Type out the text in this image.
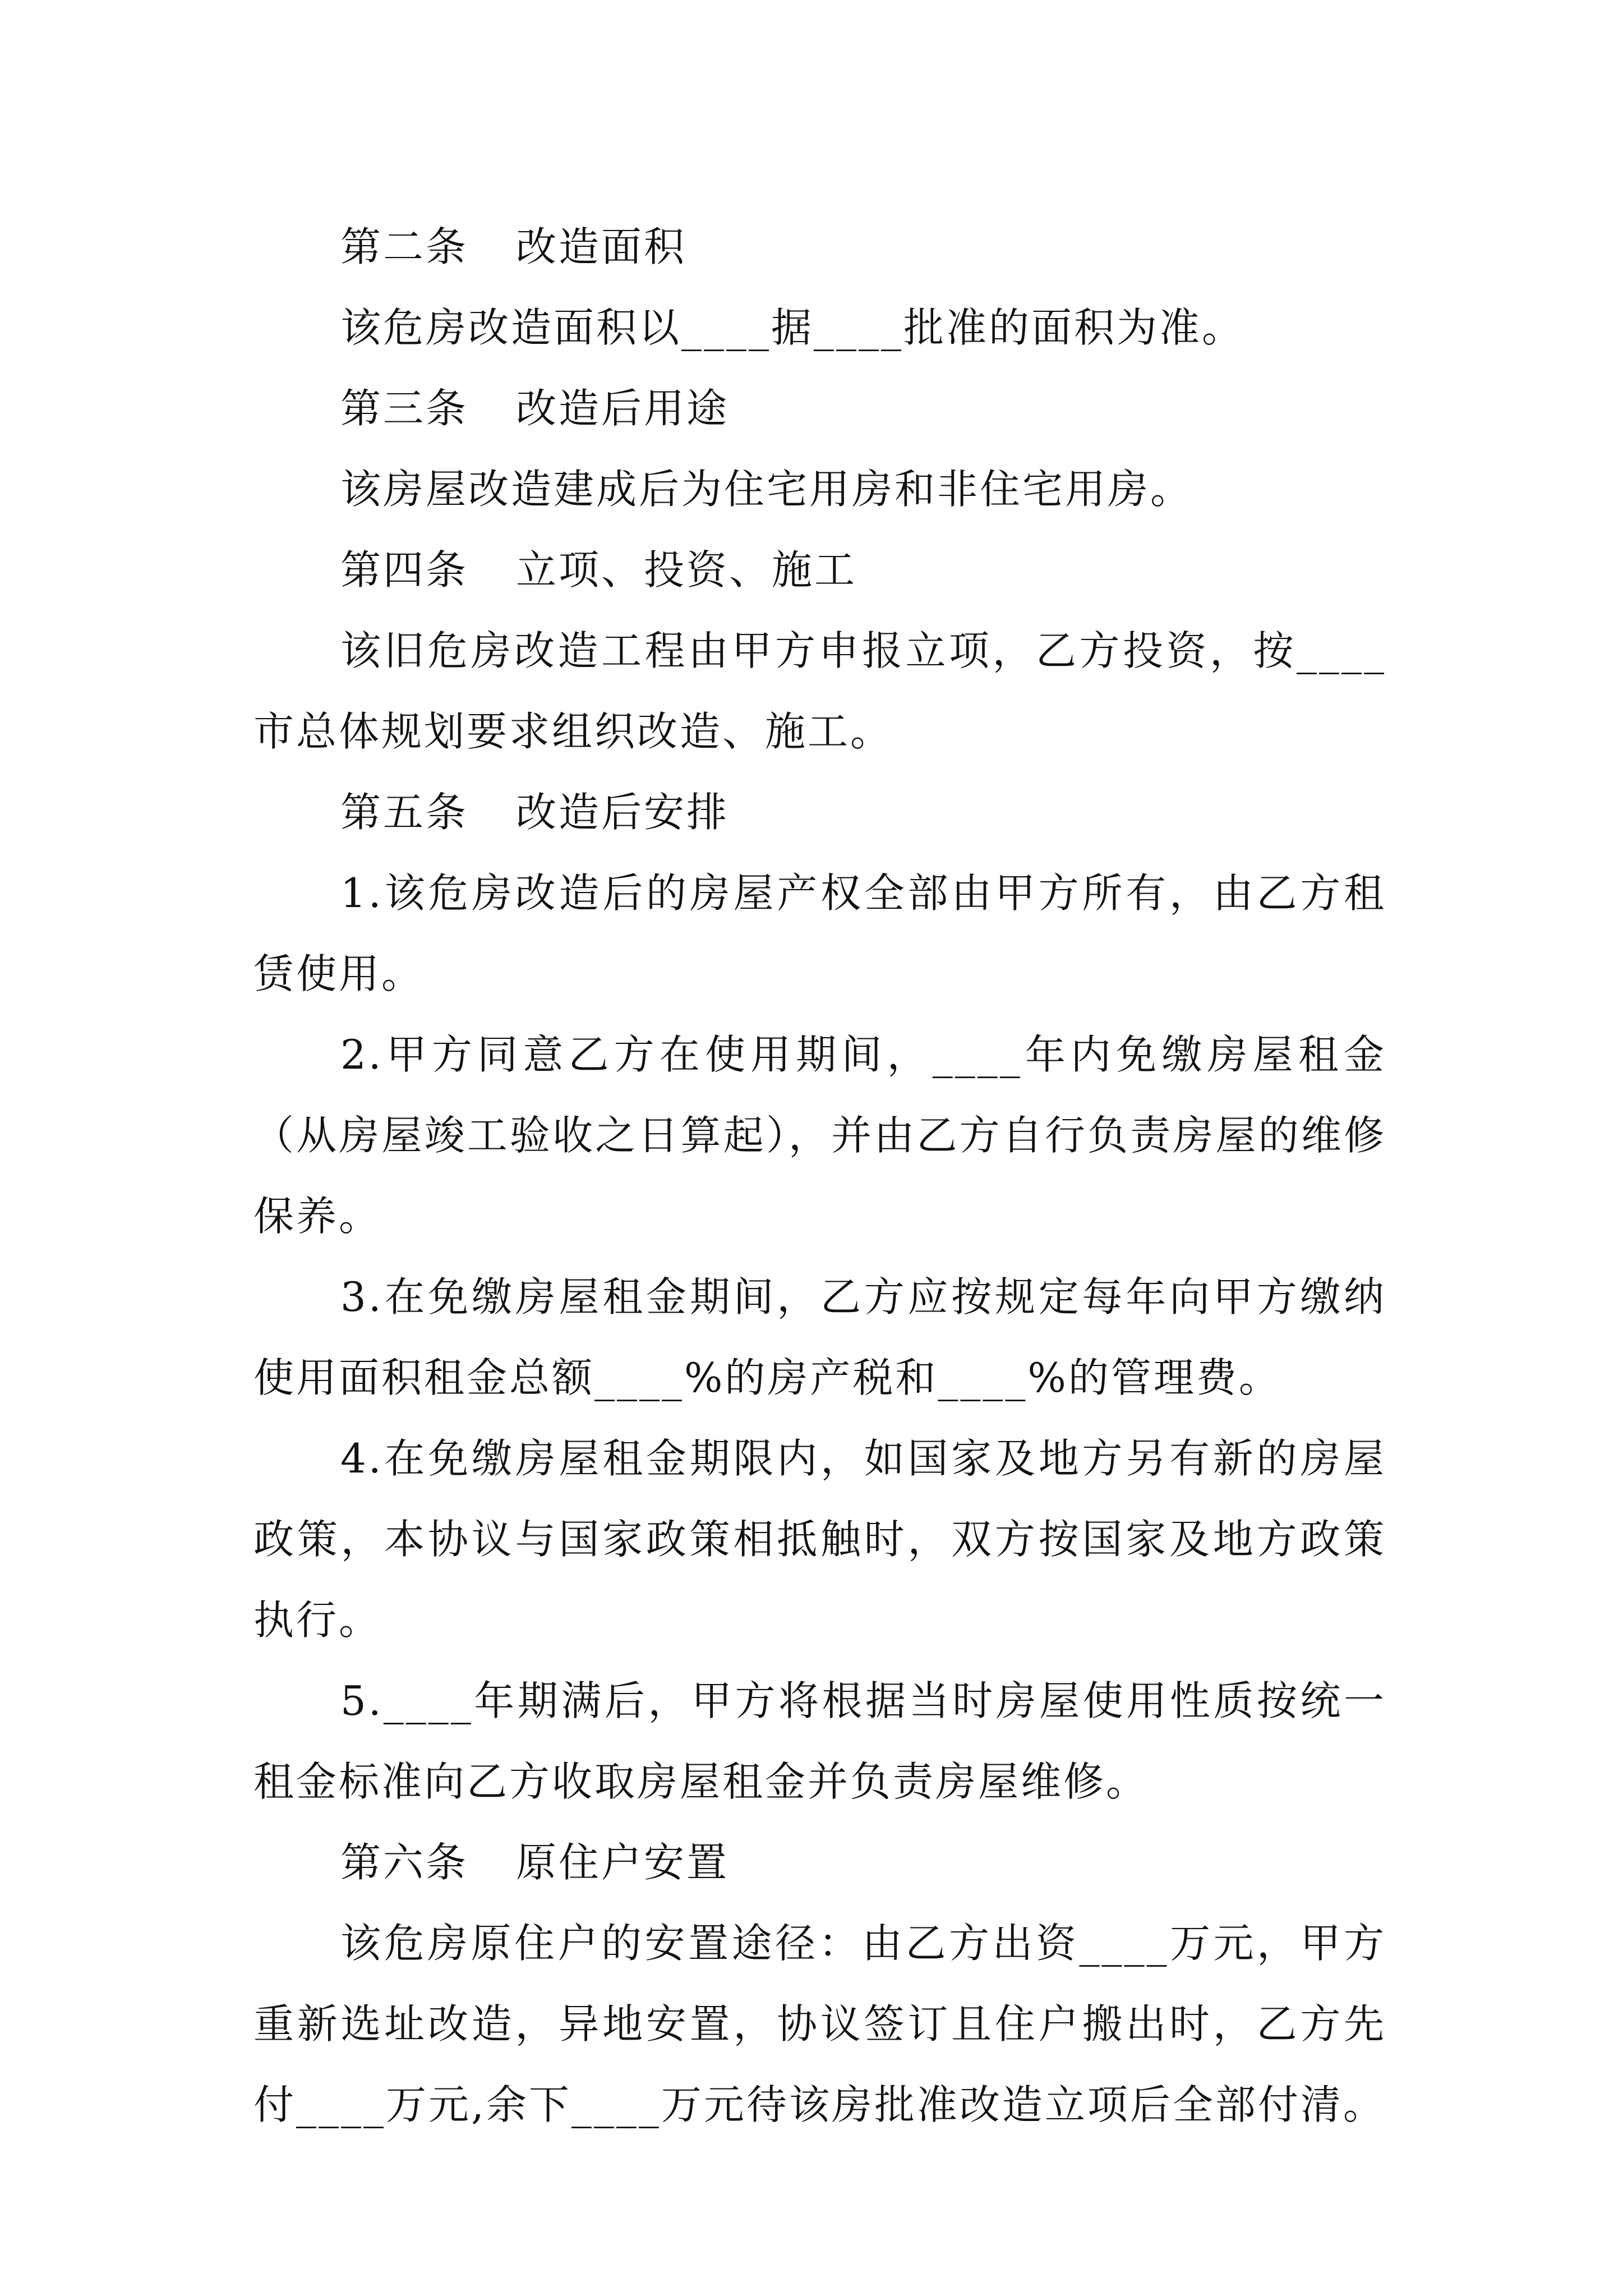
第二条 改造面积

该危房改造面积以____据____批准的面积为准。

第三条 改造后用途

该房屋改造建成后为住宅用房和非住宅用房。

第四条 立项、投资、施工

该旧危房改造工程由甲方申报立项，乙方投资，按____市总体规划要求组织改造、施工。

第五条 改造后安排

1.该危房改造后的房屋产权全部由甲方所有，由乙方租赁使用。

2.甲方同意乙方在使用期间，____年内免缴房屋租金（从房屋竣工验收之日算起），并由乙方自行负责房屋的维修保养。

3.在免缴房屋租金期间，乙方应按规定每年向甲方缴纳使用面积租金总额____%的房产税和____%的管理费。

4.在免缴房屋租金期限内，如国家及地方另有新的房屋政策，本协议与国家政策相抵触时，双方按国家及地方政策执行。

5.____年期满后，甲方将根据当时房屋使用性质按统一租金标准向乙方收取房屋租金并负责房屋维修。

第六条 原住户安置

该危房原住户的安置途径：由乙方出资____万元，甲方重新选址改造，异地安置，协议签订且住户搬出时，乙方先付____万元,余下____万元待该房批准改造立项后全部付清。
